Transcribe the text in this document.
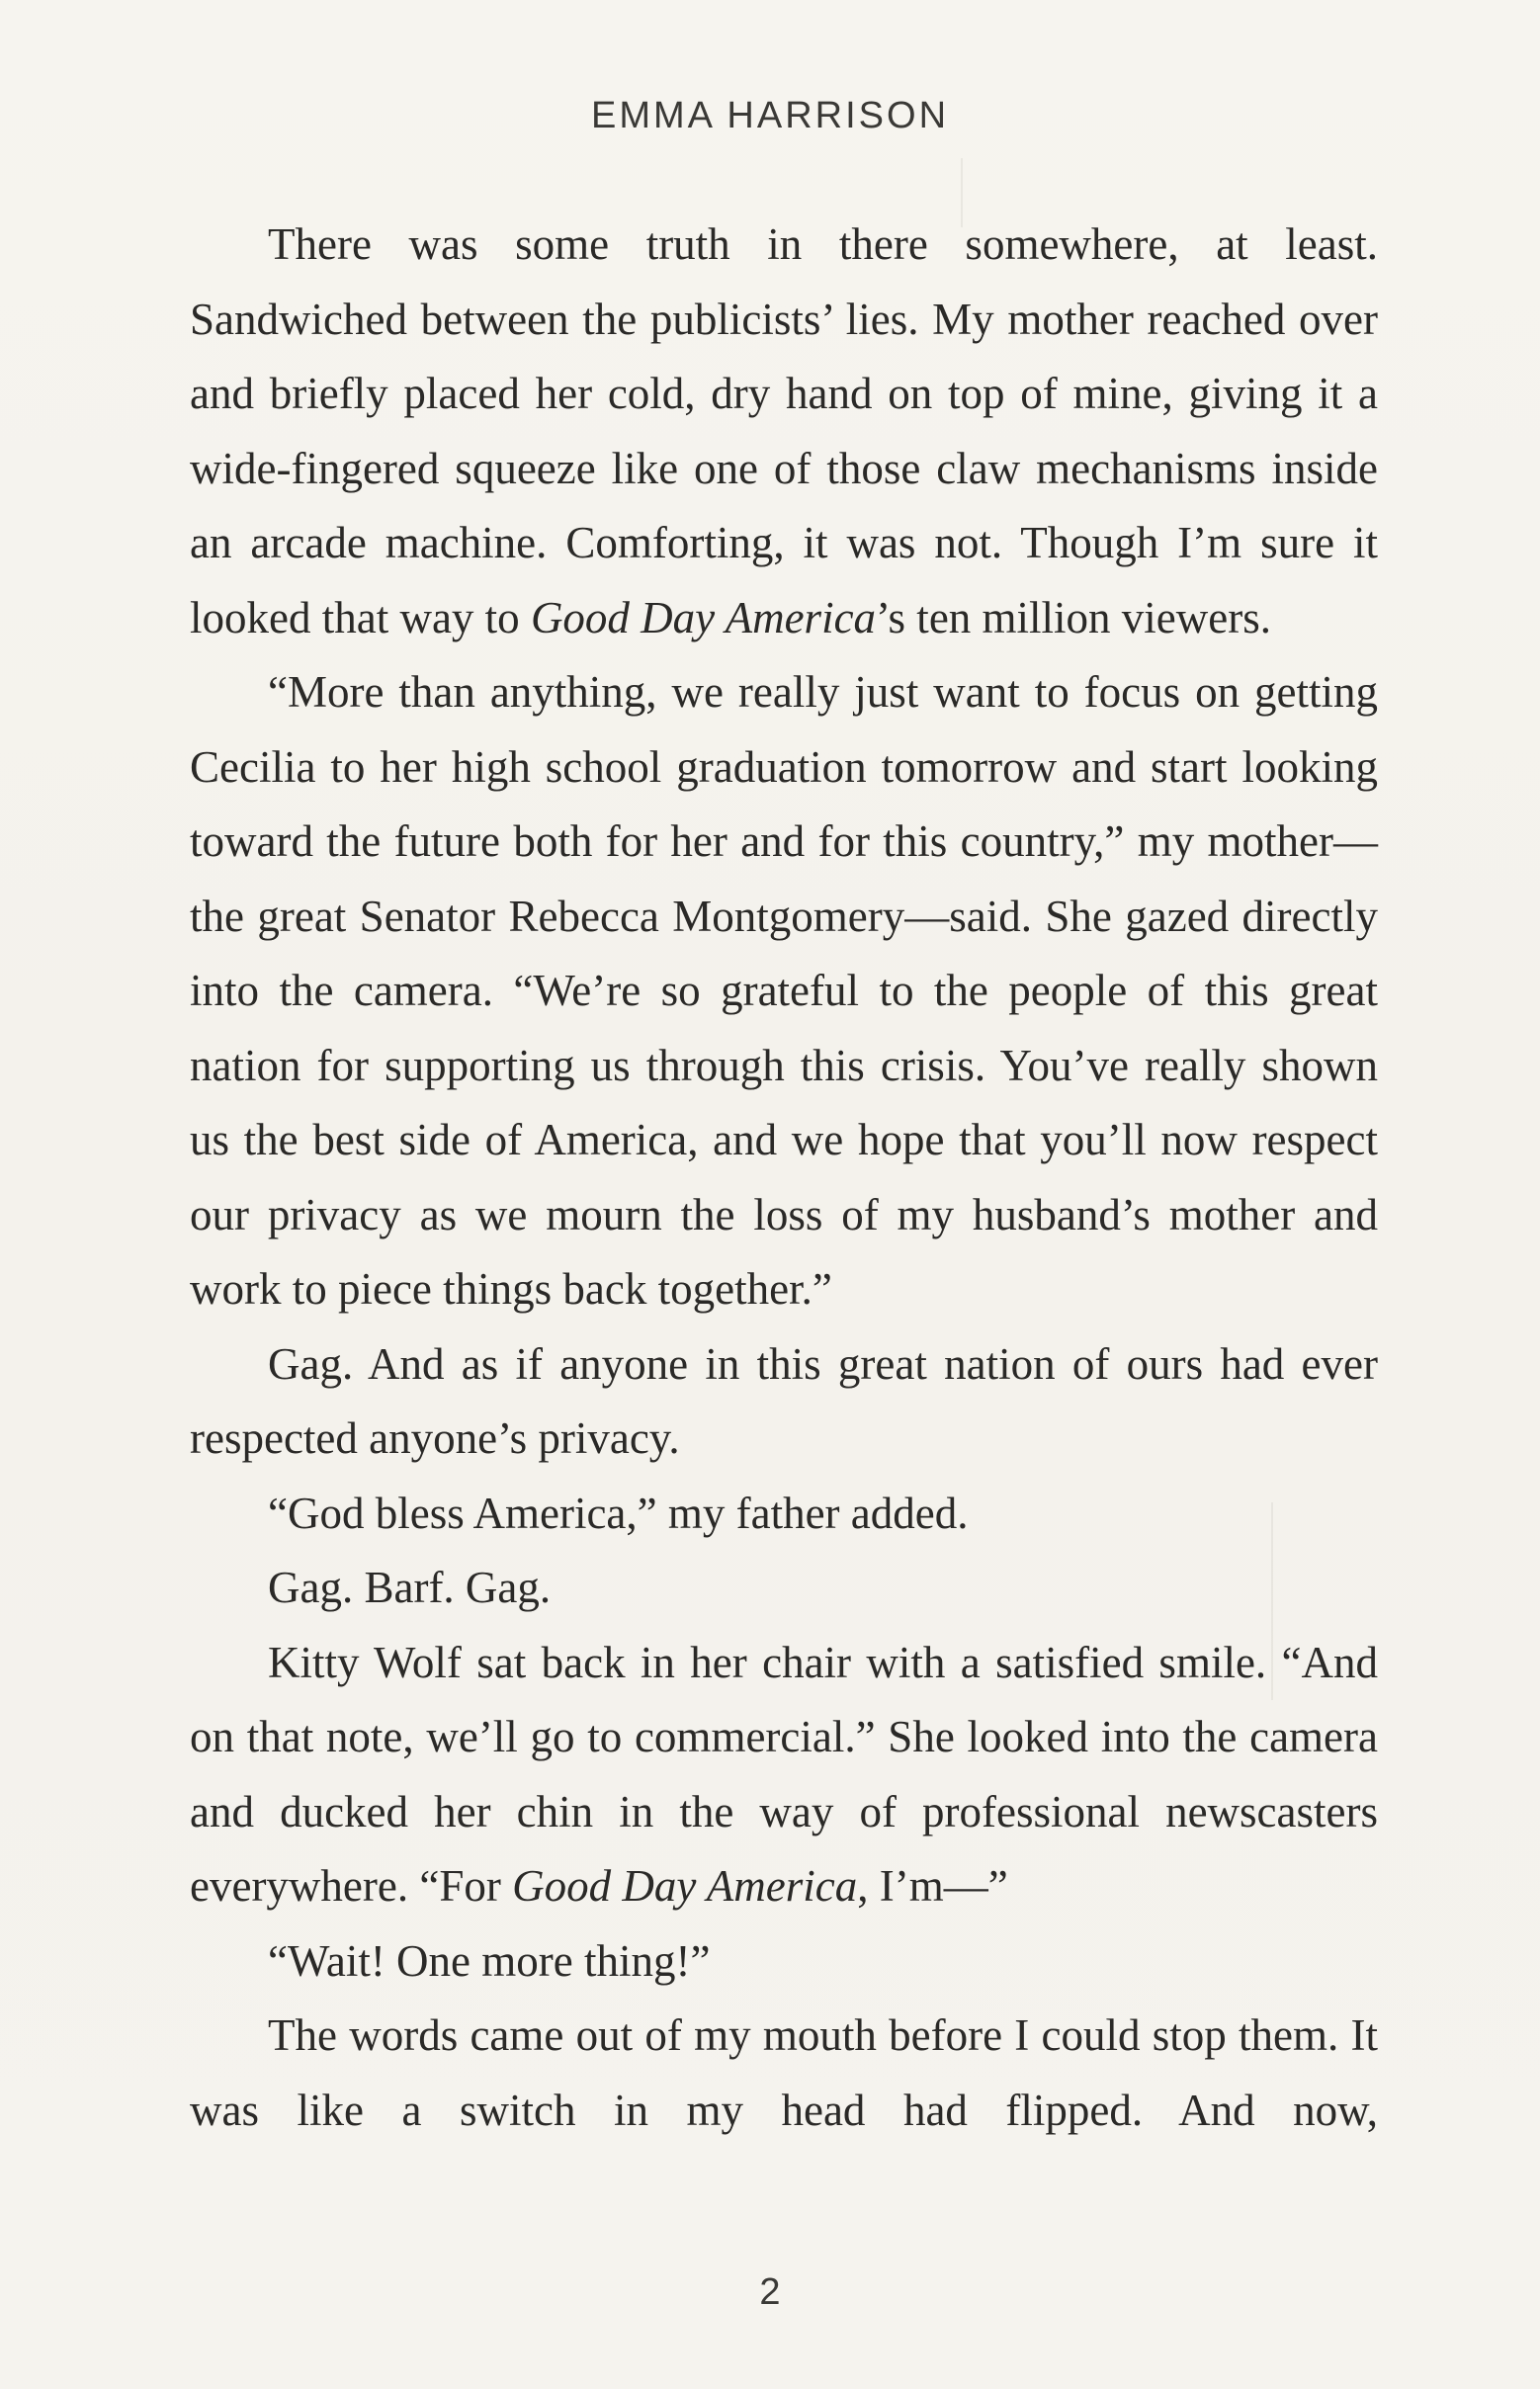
EMMA HARRISON

There was some truth in there somewhere, at least. Sandwiched between the publicists’ lies. My mother reached over and briefly placed her cold, dry hand on top of mine, giving it a wide-fingered squeeze like one of those claw mechanisms inside an arcade machine. Comforting, it was not. Though I’m sure it looked that way to Good Day America’s ten million viewers.

“More than anything, we really just want to focus on getting Cecilia to her high school graduation tomorrow and start looking toward the future both for her and for this country,” my mother—the great Senator Rebecca Montgomery—said. She gazed directly into the camera. “We’re so grateful to the people of this great nation for supporting us through this crisis. You’ve really shown us the best side of America, and we hope that you’ll now respect our privacy as we mourn the loss of my husband’s mother and work to piece things back together.”

Gag. And as if anyone in this great nation of ours had ever respected anyone’s privacy.

“God bless America,” my father added.

Gag. Barf. Gag.

Kitty Wolf sat back in her chair with a satisfied smile. “And on that note, we’ll go to commercial.” She looked into the camera and ducked her chin in the way of professional newscasters everywhere. “For Good Day America, I’m—”

“Wait! One more thing!”

The words came out of my mouth before I could stop them. It was like a switch in my head had flipped. And now,

2
